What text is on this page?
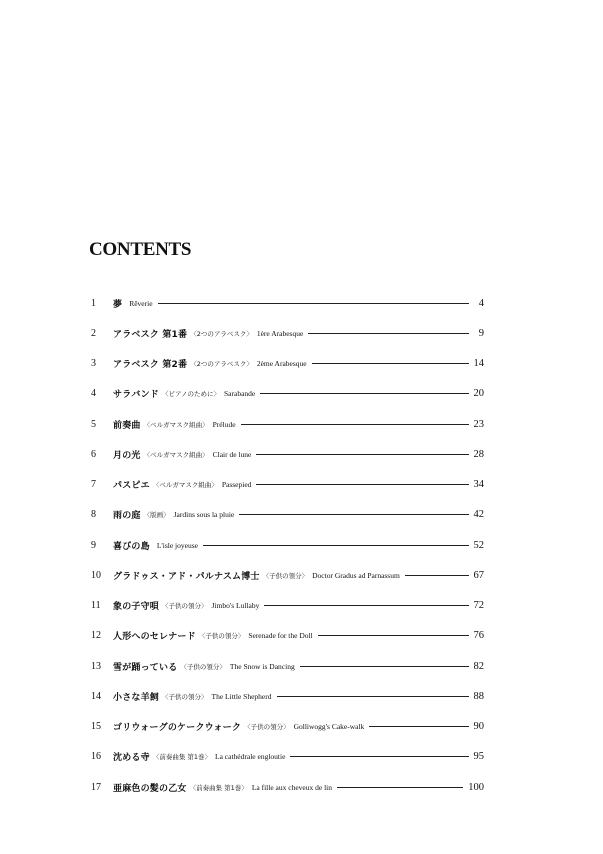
CONTENTS
1	夢 Rêverie	4
2	アラベスク 第1番 〈2つのアラベスク〉 1ère Arabesque	9
3	アラベスク 第2番 〈2つのアラベスク〉 2ème Arabesque	14
4	サラバンド 〈ピアノのために〉 Sarabande	20
5	前奏曲 〈ベルガマスク組曲〉 Prélude	23
6	月の光 〈ベルガマスク組曲〉 Clair de lune	28
7	パスピエ 〈ベルガマスク組曲〉 Passepied	34
8	雨の庭 〈版画〉 Jardins sous la pluie	42
9	喜びの島 L'isle joyeuse	52
10	グラドゥス・アド・パルナスム博士 〈子供の領分〉 Doctor Gradus ad Parnassum	67
11	象の子守唄 〈子供の領分〉 Jimbo's Lullaby	72
12	人形へのセレナード 〈子供の領分〉 Serenade for the Doll	76
13	雪が踊っている 〈子供の領分〉 The Snow is Dancing	82
14	小さな羊飼 〈子供の領分〉 The Little Shepherd	88
15	ゴリウォーグのケークウォーク 〈子供の領分〉 Golliwogg's Cake-walk	90
16	沈める寺 〈前奏曲集 第1巻〉 La cathédrale engloutie	95
17	亜麻色の髪の乙女 〈前奏曲集 第1巻〉 La fille aux cheveux de lin	100
